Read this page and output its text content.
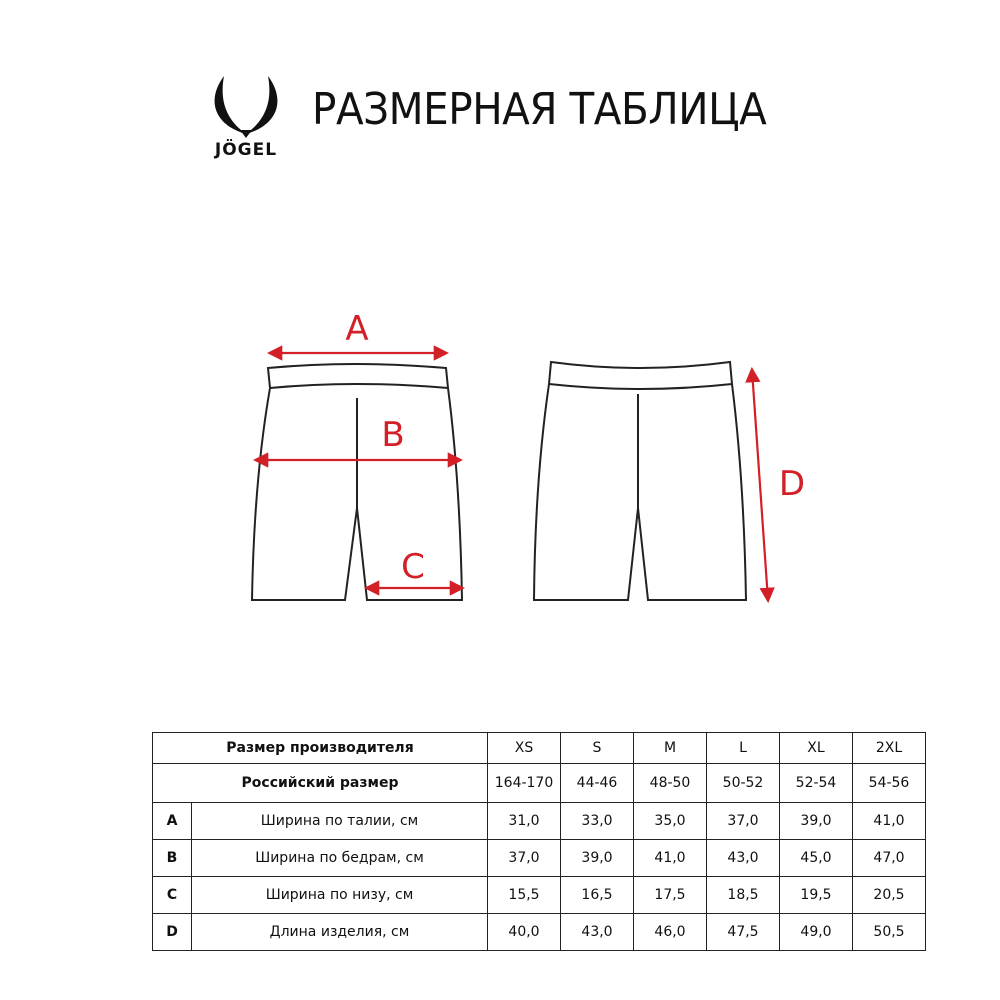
JÖGEL
РАЗМЕРНАЯ ТАБЛИЦА
A
B
C
D
Размер производителя		XS	S	M	L	XL	2XL
Российский размер		164-170	44-46	48-50	50-52	52-54	54-56
A	Ширина по талии, см	31,0	33,0	35,0	37,0	39,0	41,0
B	Ширина по бедрам, см	37,0	39,0	41,0	43,0	45,0	47,0
C	Ширина по низу, см	15,5	16,5	17,5	18,5	19,5	20,5
D	Длина изделия, см	40,0	43,0	46,0	47,5	49,0	50,5
